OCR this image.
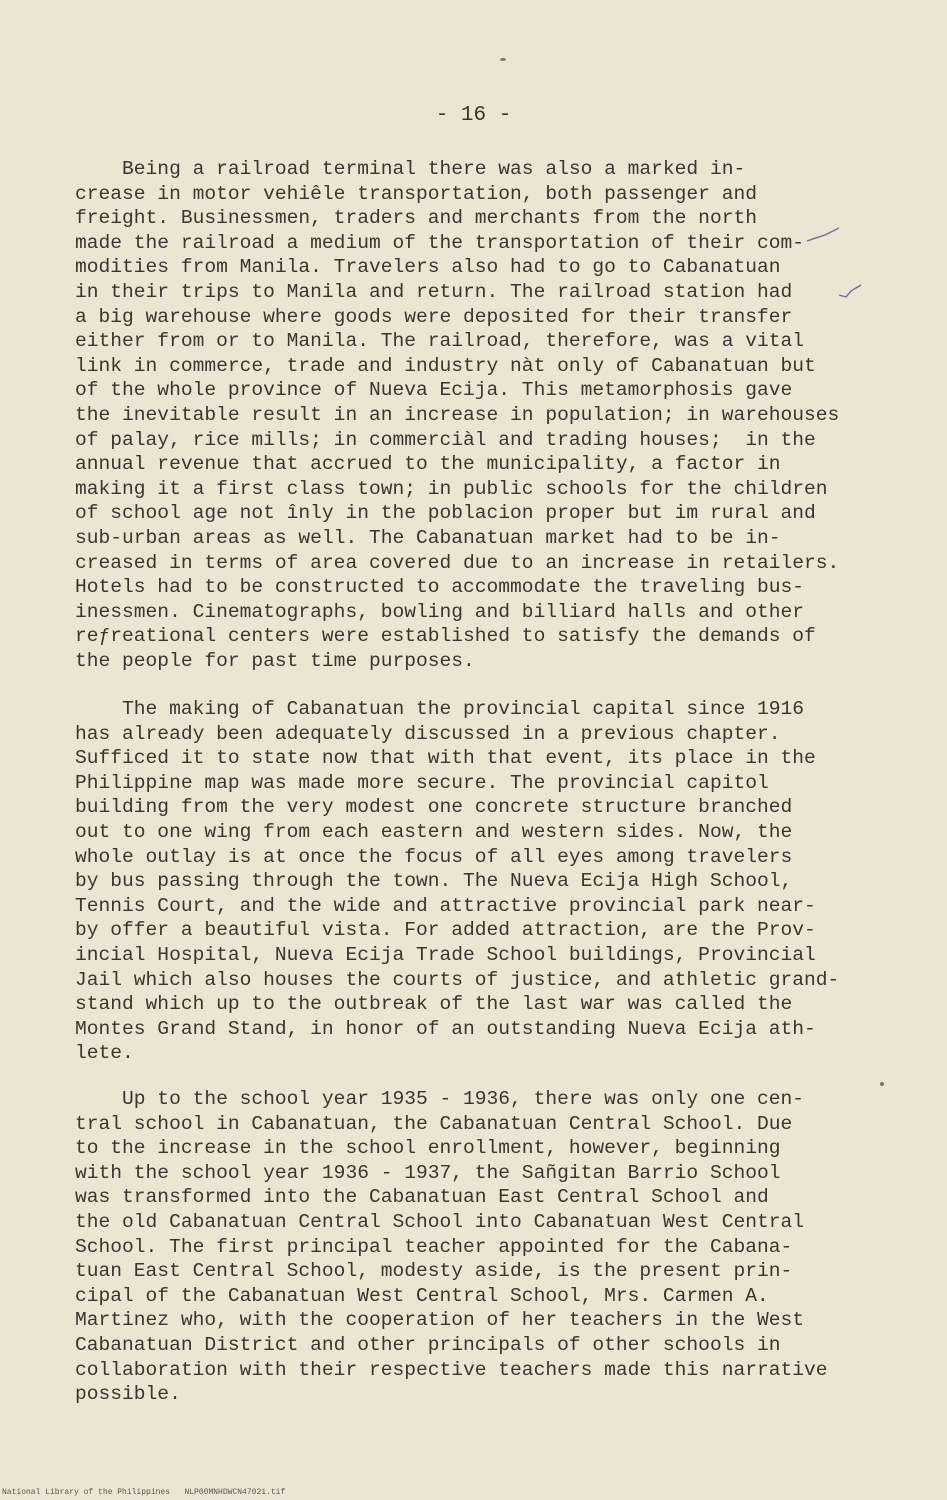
- 16 -
Being a railroad terminal there was also a marked in-
crease in motor vehiêle transportation, both passenger and
freight. Businessmen, traders and merchants from the north
made the railroad a medium of the transportation of their com-
modities from Manila. Travelers also had to go to Cabanatuan
in their trips to Manila and return. The railroad station had
a big warehouse where goods were deposited for their transfer
either from or to Manila. The railroad, therefore, was a vital
link in commerce, trade and industry nàt only of Cabanatuan but
of the whole province of Nueva Ecija. This metamorphosis gave
the inevitable result in an increase in population; in warehouses
of palay, rice mills; in commerciàl and trading houses;  in the
annual revenue that accrued to the municipality, a factor in
making it a first class town; in public schools for the children
of school age not înly in the poblacion proper but im rural and
sub-urban areas as well. The Cabanatuan market had to be in-
creased in terms of area covered due to an increase in retailers.
Hotels had to be constructed to accommodate the traveling bus-
inessmen. Cinematographs, bowling and billiard halls and other
reƒreational centers were established to satisfy the demands of
the people for past time purposes.
The making of Cabanatuan the provincial capital since 1916
has already been adequately discussed in a previous chapter.
Sufficed it to state now that with that event, its place in the
Philippine map was made more secure. The provincial capitol
building from the very modest one concrete structure branched
out to one wing from each eastern and western sides. Now, the
whole outlay is at once the focus of all eyes among travelers
by bus passing through the town. The Nueva Ecija High School,
Tennis Court, and the wide and attractive provincial park near-
by offer a beautiful vista. For added attraction, are the Prov-
incial Hospital, Nueva Ecija Trade School buildings, Provincial
Jail which also houses the courts of justice, and athletic grand-
stand which up to the outbreak of the last war was called the
Montes Grand Stand, in honor of an outstanding Nueva Ecija ath-
lete.
Up to the school year 1935 - 1936, there was only one cen-
tral school in Cabanatuan, the Cabanatuan Central School. Due
to the increase in the school enrollment, however, beginning
with the school year 1936 - 1937, the Sañgitan Barrio School
was transformed into the Cabanatuan East Central School and
the old Cabanatuan Central School into Cabanatuan West Central
School. The first principal teacher appointed for the Cabana-
tuan East Central School, modesty aside, is the present prin-
cipal of the Cabanatuan West Central School, Mrs. Carmen A.
Martinez who, with the cooperation of her teachers in the West
Cabanatuan District and other principals of other schools in
collaboration with their respective teachers made this narrative
possible.
National Library of the Philippines NLP00MNHDWCN47021.tif
